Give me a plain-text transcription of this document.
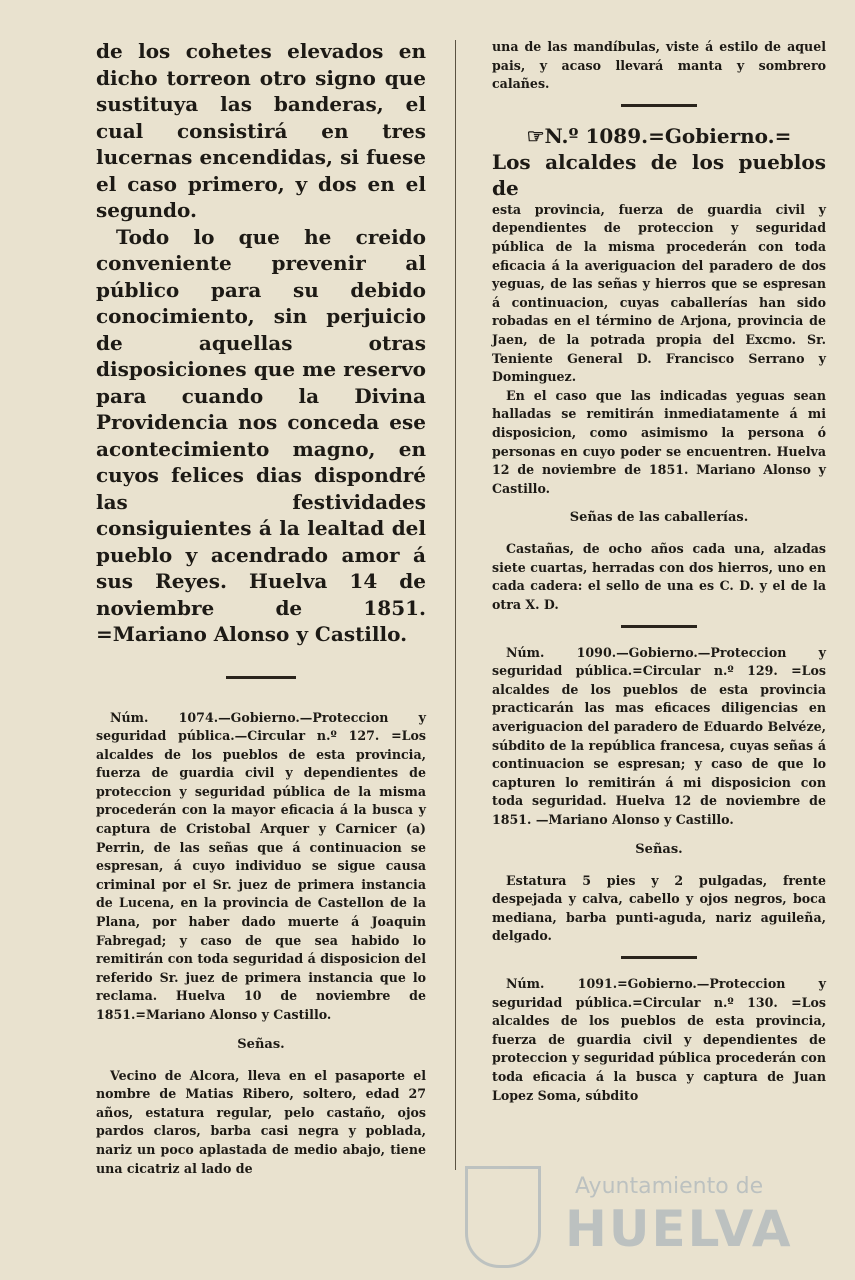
de los cohetes elevados en dicho torreon otro signo que sustituya las banderas, el cual consistirá en tres lucernas encendidas, si fuese el caso primero, y dos en el segundo.

Todo lo que he creido conveniente prevenir al público para su debido conocimiento, sin perjuicio de aquellas otras disposiciones que me reservo para cuando la Divina Providencia nos conceda ese acontecimiento magno, en cuyos felices dias dispondré las festividades consiguientes á la lealtad del pueblo y acendrado amor á sus Reyes. Huelva 14 de noviembre de 1851. =Mariano Alonso y Castillo.

Núm. 1074.—Gobierno.—Proteccion y seguridad pública.—Circular n.º 127. =Los alcaldes de los pueblos de esta provincia, fuerza de guardia civil y dependientes de proteccion y seguridad pública de la misma procederán con la mayor eficacia á la busca y captura de Cristobal Arquer y Carnicer (a) Perrin, de las señas que á continuacion se espresan, á cuyo individuo se sigue causa criminal por el Sr. juez de primera instancia de Lucena, en la provincia de Castellon de la Plana, por haber dado muerte á Joaquin Fabregad; y caso de que sea habido lo remitirán con toda seguridad á disposicion del referido Sr. juez de primera instancia que lo reclama. Huelva 10 de noviembre de 1851.=Mariano Alonso y Castillo.

Señas.

Vecino de Alcora, lleva en el pasaporte el nombre de Matias Ribero, soltero, edad 27 años, estatura regular, pelo castaño, ojos pardos claros, barba casi negra y poblada, nariz un poco aplastada de medio abajo, tiene una cicatriz al lado de

una de las mandíbulas, viste á estilo de aquel pais, y acaso llevará manta y sombrero calañes.

☞N.º 1089.=Gobierno.=

Los alcaldes de los pueblos de

esta provincia, fuerza de guardia civil y dependientes de proteccion y seguridad pública de la misma procederán con toda eficacia á la averiguacion del paradero de dos yeguas, de las señas y hierros que se espresan á continuacion, cuyas caballerías han sido robadas en el término de Arjona, provincia de Jaen, de la potrada propia del Excmo. Sr. Teniente General D. Francisco Serrano y Dominguez.

En el caso que las indicadas yeguas sean halladas se remitirán inmediatamente á mi disposicion, como asimismo la persona ó personas en cuyo poder se encuentren. Huelva 12 de noviembre de 1851. Mariano Alonso y Castillo.

Señas de las caballerías.

Castañas, de ocho años cada una, alzadas siete cuartas, herradas con dos hierros, uno en cada cadera: el sello de una es C. D. y el de la otra X. D.

Núm. 1090.—Gobierno.—Proteccion y seguridad pública.=Circular n.º 129. =Los alcaldes de los pueblos de esta provincia practicarán las mas eficaces diligencias en averiguacion del paradero de Eduardo Belvéze, súbdito de la república francesa, cuyas señas á continuacion se espresan; y caso de que lo capturen lo remitirán á mi disposicion con toda seguridad. Huelva 12 de noviembre de 1851. —Mariano Alonso y Castillo.

Señas.

Estatura 5 pies y 2 pulgadas, frente despejada y calva, cabello y ojos negros, boca mediana, barba punti-aguda, nariz aguileña, delgado.

Núm. 1091.=Gobierno.—Proteccion y seguridad pública.=Circular n.º 130. =Los alcaldes de los pueblos de esta provincia, fuerza de guardia civil y dependientes de proteccion y seguridad pública procederán con toda eficacia á la busca y captura de Juan Lopez Soma, súbdito

Ayuntamiento de
HUELVA
